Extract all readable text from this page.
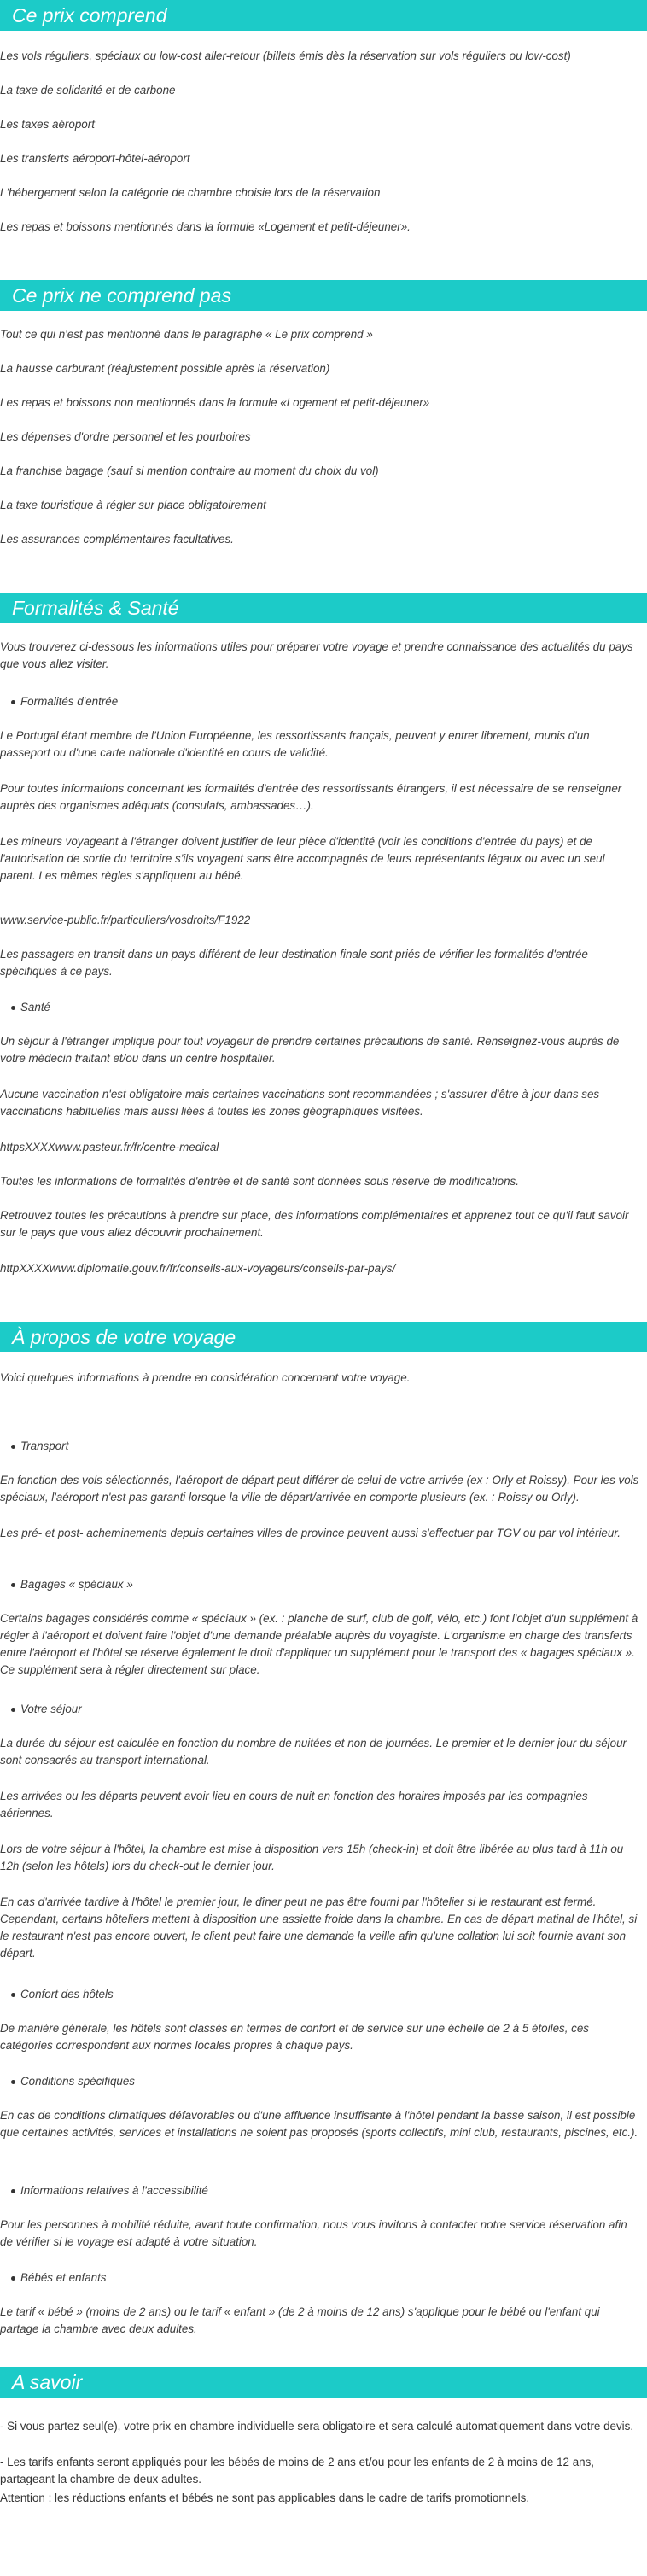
Ce prix comprend

Les vols réguliers, spéciaux ou low-cost aller-retour (billets émis dès la réservation sur vols réguliers ou low-cost)

La taxe de solidarité et de carbone

Les taxes aéroport

Les transferts aéroport-hôtel-aéroport

L'hébergement selon la catégorie de chambre choisie lors de la réservation

Les repas et boissons mentionnés dans la formule «Logement et petit-déjeuner».

Ce prix ne comprend pas

Tout ce qui n'est pas mentionné dans le paragraphe « Le prix comprend »

La hausse carburant (réajustement possible après la réservation)

Les repas et boissons non mentionnés dans la formule «Logement et petit-déjeuner»

Les dépenses d'ordre personnel et les pourboires

La franchise bagage (sauf si mention contraire au moment du choix du vol)

La taxe touristique à régler sur place obligatoirement

Les assurances complémentaires facultatives.

Formalités & Santé

Vous trouverez ci-dessous les informations utiles pour préparer votre voyage et prendre connaissance des actualités du pays que vous allez visiter.

Formalités d'entrée

Le Portugal étant membre de l'Union Européenne, les ressortissants français, peuvent y entrer librement, munis d'un passeport ou d'une carte nationale d'identité en cours de validité.

Pour toutes informations concernant les formalités d'entrée des ressortissants étrangers, il est nécessaire de se renseigner auprès des organismes adéquats (consulats, ambassades…).

Les mineurs voyageant à l'étranger doivent justifier de leur pièce d'identité (voir les conditions d'entrée du pays) et de l'autorisation de sortie du territoire s'ils voyagent sans être accompagnés de leurs représentants légaux ou avec un seul parent. Les mêmes règles s'appliquent au bébé.

www.service-public.fr/particuliers/vosdroits/F1922

Les passagers en transit dans un pays différent de leur destination finale sont priés de vérifier les formalités d'entrée spécifiques à ce pays.

Santé

Un séjour à l'étranger implique pour tout voyageur de prendre certaines précautions de santé. Renseignez-vous auprès de votre médecin traitant et/ou dans un centre hospitalier.

Aucune vaccination n'est obligatoire mais certaines vaccinations sont recommandées ; s'assurer d'être à jour dans ses vaccinations habituelles mais aussi liées à toutes les zones géographiques visitées.

httpsXXXXwww.pasteur.fr/fr/centre-medical

Toutes les informations de formalités d'entrée et de santé sont données sous réserve de modifications.

Retrouvez toutes les précautions à prendre sur place, des informations complémentaires et apprenez tout ce qu'il faut savoir sur le pays que vous allez découvrir prochainement.

httpXXXXwww.diplomatie.gouv.fr/fr/conseils-aux-voyageurs/conseils-par-pays/

À propos de votre voyage

Voici quelques informations à prendre en considération concernant votre voyage.

Transport

En fonction des vols sélectionnés, l'aéroport de départ peut différer de celui de votre arrivée (ex : Orly et Roissy). Pour les vols spéciaux, l'aéroport n'est pas garanti lorsque la ville de départ/arrivée en comporte plusieurs (ex. : Roissy ou Orly).

Les pré- et post- acheminements depuis certaines villes de province peuvent aussi s'effectuer par TGV ou par vol intérieur.

Bagages « spéciaux »

Certains bagages considérés comme « spéciaux » (ex. : planche de surf, club de golf, vélo, etc.) font l'objet d'un supplément à régler à l'aéroport et doivent faire l'objet d'une demande préalable auprès du voyagiste. L'organisme en charge des transferts entre l'aéroport et l'hôtel se réserve également le droit d'appliquer un supplément pour le transport des « bagages spéciaux ». Ce supplément sera à régler directement sur place.

Votre séjour

La durée du séjour est calculée en fonction du nombre de nuitées et non de journées. Le premier et le dernier jour du séjour sont consacrés au transport international.

Les arrivées ou les départs peuvent avoir lieu en cours de nuit en fonction des horaires imposés par les compagnies aériennes.

Lors de votre séjour à l'hôtel, la chambre est mise à disposition vers 15h (check-in) et doit être libérée au plus tard à 11h ou 12h (selon les hôtels) lors du check-out le dernier jour.

En cas d'arrivée tardive à l'hôtel le premier jour, le dîner peut ne pas être fourni par l'hôtelier si le restaurant est fermé. Cependant, certains hôteliers mettent à disposition une assiette froide dans la chambre. En cas de départ matinal de l'hôtel, si le restaurant n'est pas encore ouvert, le client peut faire une demande la veille afin qu'une collation lui soit fournie avant son départ.

Confort des hôtels

De manière générale, les hôtels sont classés en termes de confort et de service sur une échelle de 2 à 5 étoiles, ces catégories correspondent aux normes locales propres à chaque pays.

Conditions spécifiques

En cas de conditions climatiques défavorables ou d'une affluence insuffisante à l'hôtel pendant la basse saison, il est possible que certaines activités, services et installations ne soient pas proposés (sports collectifs, mini club, restaurants, piscines, etc.).

Informations relatives à l'accessibilité

Pour les personnes à mobilité réduite, avant toute confirmation, nous vous invitons à contacter notre service réservation afin de vérifier si le voyage est adapté à votre situation.

Bébés et enfants

Le tarif « bébé » (moins de 2 ans) ou le tarif « enfant » (de 2 à moins de 12 ans) s'applique pour le bébé ou l'enfant qui partage la chambre avec deux adultes.

A savoir

- Si vous partez seul(e), votre prix en chambre individuelle sera obligatoire et sera calculé automatiquement dans votre devis.

- Les tarifs enfants seront appliqués pour les bébés de moins de 2 ans et/ou pour les enfants de 2 à moins de 12 ans, partageant la chambre de deux adultes.

Attention : les réductions enfants et bébés ne sont pas applicables dans le cadre de tarifs promotionnels.
